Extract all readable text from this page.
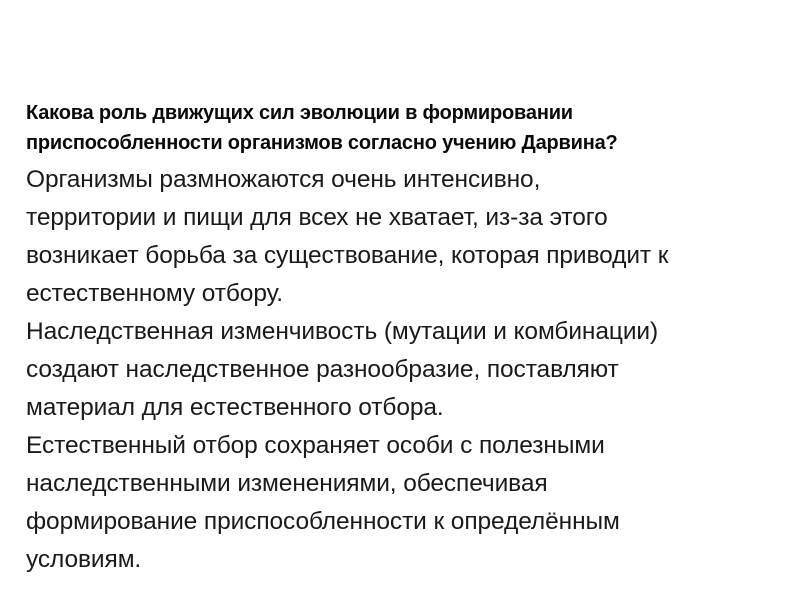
Какова роль движущих сил эволюции в формировании
приспособленности организмов согласно учению Дарвина?

Организмы размножаются очень интенсивно,
территории и пищи для всех не хватает, из-за этого
возникает борьба за существование, которая приводит к
естественному отбору.

Наследственная изменчивость (мутации и комбинации)
создают наследственное разнообразие, поставляют
материал для естественного отбора.

Естественный отбор сохраняет особи с полезными
наследственными изменениями, обеспечивая
формирование приспособленности к определённым
условиям.
